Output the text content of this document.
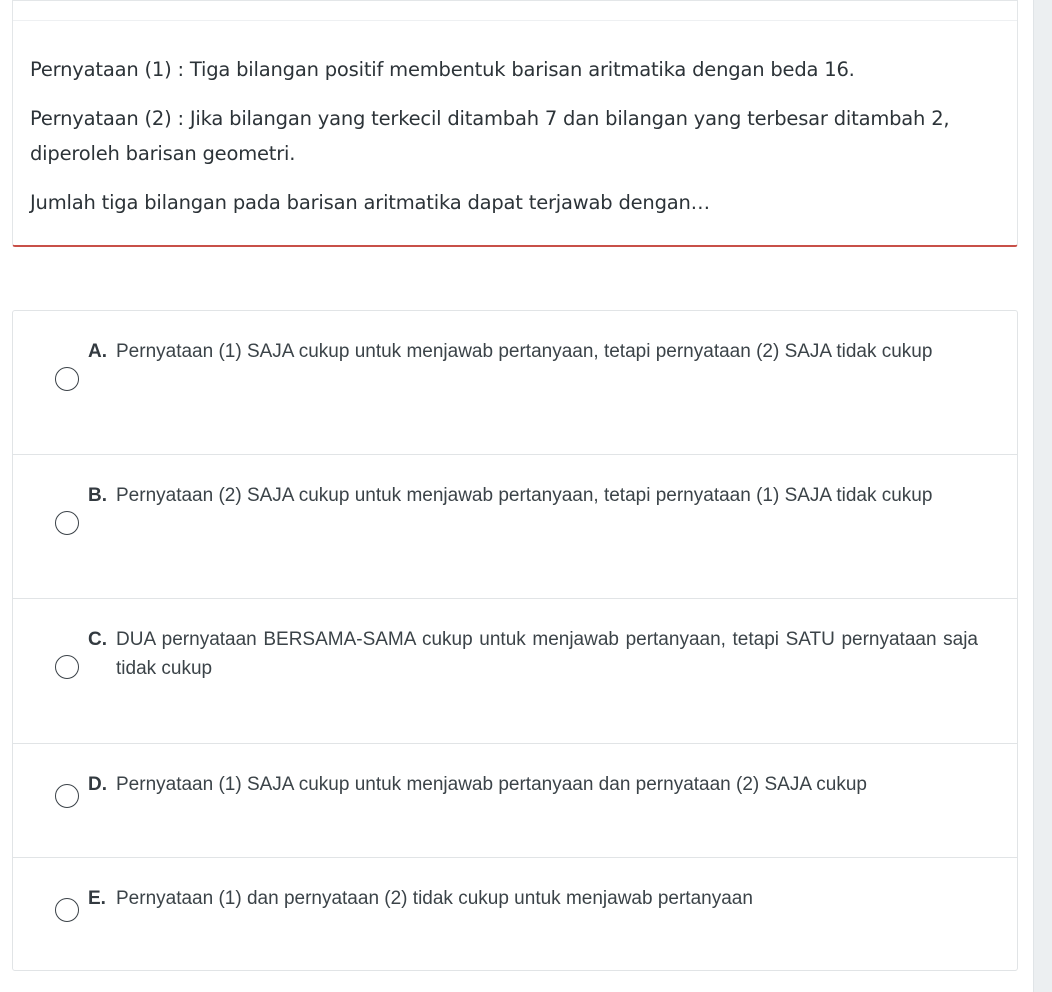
Pernyataan (1) : Tiga bilangan positif membentuk barisan aritmatika dengan beda 16.
Pernyataan (2) : Jika bilangan yang terkecil ditambah 7 dan bilangan yang terbesar ditambah 2,
diperoleh barisan geometri.
Jumlah tiga bilangan pada barisan aritmatika dapat terjawab dengan…
A. Pernyataan (1) SAJA cukup untuk menjawab pertanyaan, tetapi pernyataan (2) SAJA tidak cukup
B. Pernyataan (2) SAJA cukup untuk menjawab pertanyaan, tetapi pernyataan (1) SAJA tidak cukup
C. DUA pernyataan BERSAMA-SAMA cukup untuk menjawab pertanyaan, tetapi SATU pernyataan saja tidak cukup
D. Pernyataan (1) SAJA cukup untuk menjawab pertanyaan dan pernyataan (2) SAJA cukup
E. Pernyataan (1) dan pernyataan (2) tidak cukup untuk menjawab pertanyaan
